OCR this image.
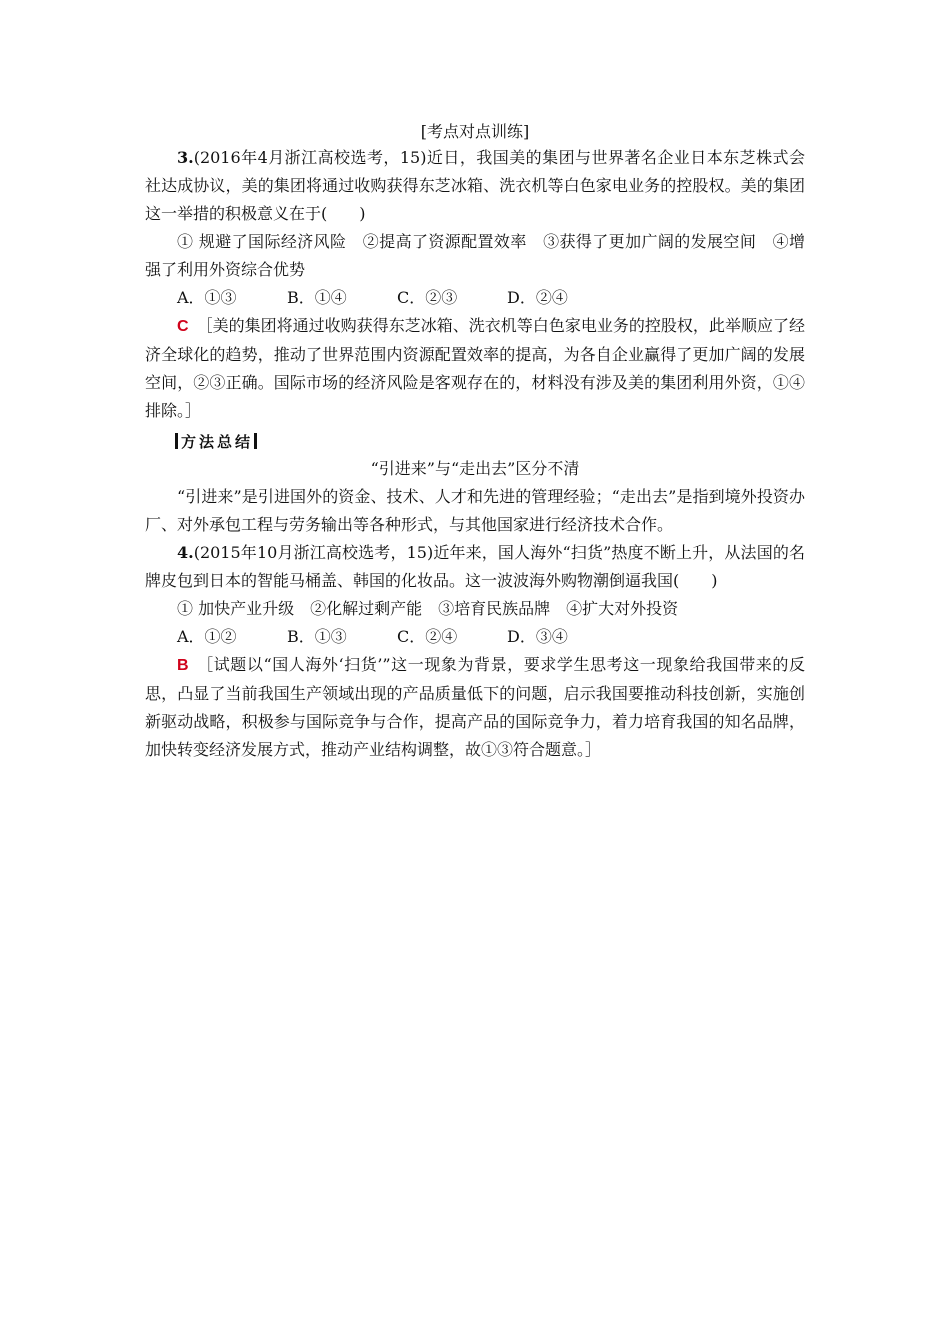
[考点对点训练]

3.(2016年4月浙江高校选考，15)近日，我国美的集团与世界著名企业日本东芝株式会社达成协议，美的集团将通过收购获得东芝冰箱、洗衣机等白色家电业务的控股权。美的集团这一举措的积极意义在于(　　)

① 规避了国际经济风险　②提高了资源配置效率　③获得了更加广阔的发展空间　④增强了利用外资综合优势

A．①③	B．①④	C．②③	D．②④

C  ［美的集团将通过收购获得东芝冰箱、洗衣机等白色家电业务的控股权，此举顺应了经济全球化的趋势，推动了世界范围内资源配置效率的提高，为各自企业赢得了更加广阔的发展空间，②③正确。国际市场的经济风险是客观存在的，材料没有涉及美的集团利用外资，①④排除。］

方法总结
“引进来”与“走出去”区分不清

“引进来”是引进国外的资金、技术、人才和先进的管理经验；“走出去”是指到境外投资办厂、对外承包工程与劳务输出等各种形式，与其他国家进行经济技术合作。

4.(2015年10月浙江高校选考，15)近年来，国人海外“扫货”热度不断上升，从法国的名牌皮包到日本的智能马桶盖、韩国的化妆品。这一波波海外购物潮倒逼我国(　　)

① 加快产业升级　②化解过剩产能　③培育民族品牌　④扩大对外投资

A．①②	B．①③	C．②④	D．③④

B  ［试题以“国人海外‘扫货’”这一现象为背景，要求学生思考这一现象给我国带来的反思，凸显了当前我国生产领域出现的产品质量低下的问题，启示我国要推动科技创新，实施创新驱动战略，积极参与国际竞争与合作，提高产品的国际竞争力，着力培育我国的知名品牌，加快转变经济发展方式，推动产业结构调整，故①③符合题意。］
